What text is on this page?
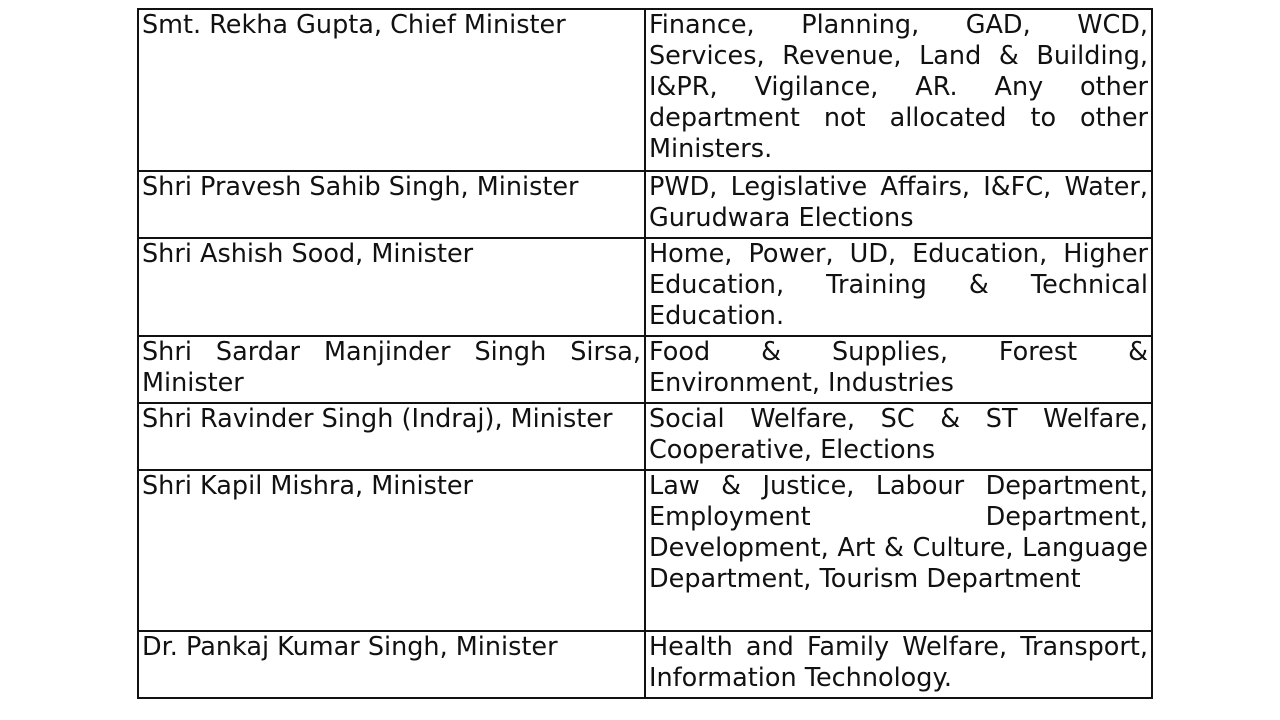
Smt. Rekha Gupta, Chief Minister	Finance, Planning, GAD, WCD, Services, Revenue, Land & Building, I&PR, Vigilance, AR. Any other department not allocated to other Ministers.
Shri Pravesh Sahib Singh, Minister	PWD, Legislative Affairs, I&FC, Water, Gurudwara Elections
Shri Ashish Sood, Minister	Home, Power, UD, Education, Higher Education, Training & Technical Education.
Shri Sardar Manjinder Singh Sirsa, Minister	Food & Supplies, Forest & Environment, Industries
Shri Ravinder Singh (Indraj), Minister	Social Welfare, SC & ST Welfare, Cooperative, Elections
Shri Kapil Mishra, Minister	Law & Justice, Labour Department, Employment Department, Development, Art & Culture, Language Department, Tourism Department
Dr. Pankaj Kumar Singh, Minister	Health and Family Welfare, Transport, Information Technology.
